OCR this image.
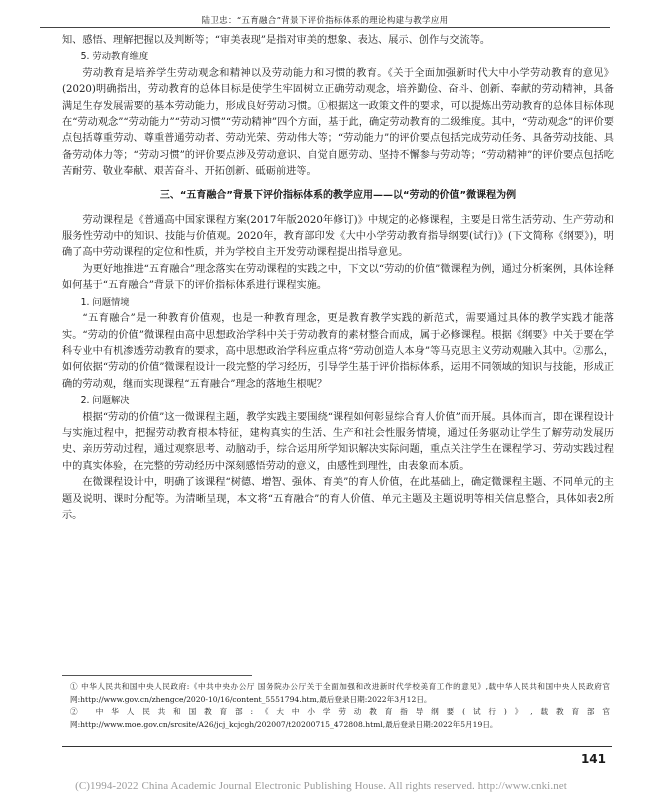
陆卫忠：“五育融合”背景下评价指标体系的理论构建与教学应用

知、感悟、理解把握以及判断等；“审美表现”是指对审美的想象、表达、展示、创作与交流等。

5. 劳动教育维度

劳动教育是培养学生劳动观念和精神以及劳动能力和习惯的教育。《关于全面加强新时代大中小学劳动教育的意见》(2020)明确指出，劳动教育的总体目标是使学生牢固树立正确劳动观念，培养勤俭、奋斗、创新、奉献的劳动精神，具备满足生存发展需要的基本劳动能力，形成良好劳动习惯。①根据这一政策文件的要求，可以提炼出劳动教育的总体目标体现在“劳动观念”“劳动能力”“劳动习惯”“劳动精神”四个方面，基于此，确定劳动教育的二级维度。其中，“劳动观念”的评价要点包括尊重劳动、尊重普通劳动者、劳动光荣、劳动伟大等；“劳动能力”的评价要点包括完成劳动任务、具备劳动技能、具备劳动体力等；“劳动习惯”的评价要点涉及劳动意识、自觉自愿劳动、坚持不懈参与劳动等；“劳动精神”的评价要点包括吃苦耐劳、敬业奉献、艰苦奋斗、开拓创新、砥砺前进等。

三、“五育融合”背景下评价指标体系的教学应用——以“劳动的价值”微课程为例

劳动课程是《普通高中国家课程方案(2017年版2020年修订)》中规定的必修课程，主要是日常生活劳动、生产劳动和服务性劳动中的知识、技能与价值观。2020年，教育部印发《大中小学劳动教育指导纲要(试行)》(下文简称《纲要》)，明确了高中劳动课程的定位和性质，并为学校自主开发劳动课程提出指导意见。

为更好地推进“五育融合”理念落实在劳动课程的实践之中，下文以“劳动的价值”微课程为例，通过分析案例，具体诠释如何基于“五育融合”背景下的评价指标体系进行课程实施。

1. 问题情境

“五育融合”是一种教育价值观，也是一种教育理念，更是教育教学实践的新范式，需要通过具体的教学实践才能落实。“劳动的价值”微课程由高中思想政治学科中关于劳动教育的素材整合而成，属于必修课程。根据《纲要》中关于要在学科专业中有机渗透劳动教育的要求，高中思想政治学科应重点将“劳动创造人本身”等马克思主义劳动观融入其中。②那么，如何依据“劳动的价值”微课程设计一段完整的学习经历，引导学生基于评价指标体系，运用不同领域的知识与技能，形成正确的劳动观，继而实现课程“五育融合”理念的落地生根呢？

2. 问题解决

根据“劳动的价值”这一微课程主题，教学实践主要围绕“课程如何彰显综合育人价值”而开展。具体而言，即在课程设计与实施过程中，把握劳动教育根本特征，建构真实的生活、生产和社会性服务情境，通过任务驱动让学生了解劳动发展历史、亲历劳动过程，通过观察思考、动脑动手，综合运用所学知识解决实际问题，重点关注学生在课程学习、劳动实践过程中的真实体验，在完整的劳动经历中深刻感悟劳动的意义，由感性到理性，由表象而本质。

在微课程设计中，明确了该课程“树德、增智、强体、育美”的育人价值，在此基础上，确定微课程主题、不同单元的主题及说明、课时分配等。为清晰呈现，本文将“五育融合”的育人价值、单元主题及主题说明等相关信息整合，具体如表2所示。

① 中华人民共和国中央人民政府:《中共中央办公厅 国务院办公厅关于全面加强和改进新时代学校美育工作的意见》,载中华人民共和国中央人民政府官网:http://www.gov.cn/zhengce/2020-10/16/content_5551794.htm,最后登录日期:2022年3月12日。

② 中华人民共和国教育部:《大中小学劳动教育指导纲要(试行)》,载教育部官网:http://www.moe.gov.cn/srcsite/A26/jcj_kcjcgh/202007/t20200715_472808.html,最后登录日期:2022年5月19日。

141
(C)1994-2022 China Academic Journal Electronic Publishing House. All rights reserved. http://www.cnki.net
